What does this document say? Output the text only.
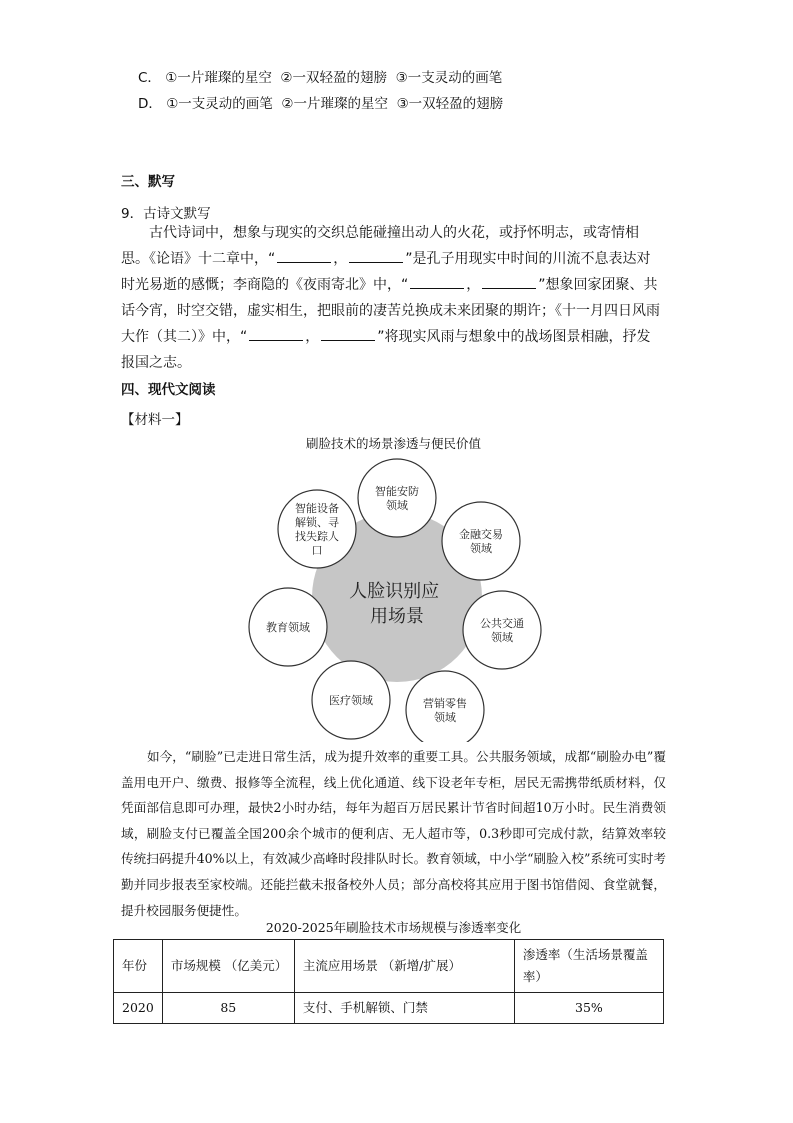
C． ①一片璀璨的星空  ②一双轻盈的翅膀  ③一支灵动的画笔
D． ①一支灵动的画笔  ②一片璀璨的星空  ③一双轻盈的翅膀
三、默写
9．古诗文默写

古代诗词中，想象与现实的交织总能碰撞出动人的火花，或抒怀明志，或寄情相思。《论语》十二章中，“	，	”是孔子用现实中时间的川流不息表达对时光易逝的感慨；李商隐的《夜雨寄北》中，“	，	”想象回家团聚、共话今宵，时空交错，虚实相生，把眼前的凄苦兑换成未来团聚的期许；《十一月四日风雨大作（其二）》中，“	，	”将现实风雨与想象中的战场图景相融，抒发报国之志。

四、现代文阅读
【材料一】
刷脸技术的场景渗透与便民价值
人脸识别应 用场景
智能安防
领域
金融交易
领域
公共交通
领域
营销零售
领域
医疗领域
教育领域
智能设备
解锁、寻
找失踪人
口

如今，“刷脸”已走进日常生活，成为提升效率的重要工具。公共服务领域，成都“刷脸办电”覆盖用电开户、缴费、报修等全流程，线上优化通道、线下设老年专柜，居民无需携带纸质材料，仅凭面部信息即可办理，最快2小时办结，每年为超百万居民累计节省时间超10万小时。民生消费领域，刷脸支付已覆盖全国200余个城市的便利店、无人超市等，0.3秒即可完成付款，结算效率较传统扫码提升40%以上，有效减少高峰时段排队时长。教育领域，中小学“刷脸入校”系统可实时考勤并同步报表至家校端。还能拦截未报备校外人员；部分高校将其应用于图书馆借阅、食堂就餐，提升校园服务便捷性。

2020-2025年刷脸技术市场规模与渗透率变化
年份	市场规模 （亿美元）	主流应用场景 （新增/扩展）	渗透率（生活场景覆盖率）
2020	85	支付、手机解锁、门禁	35%
